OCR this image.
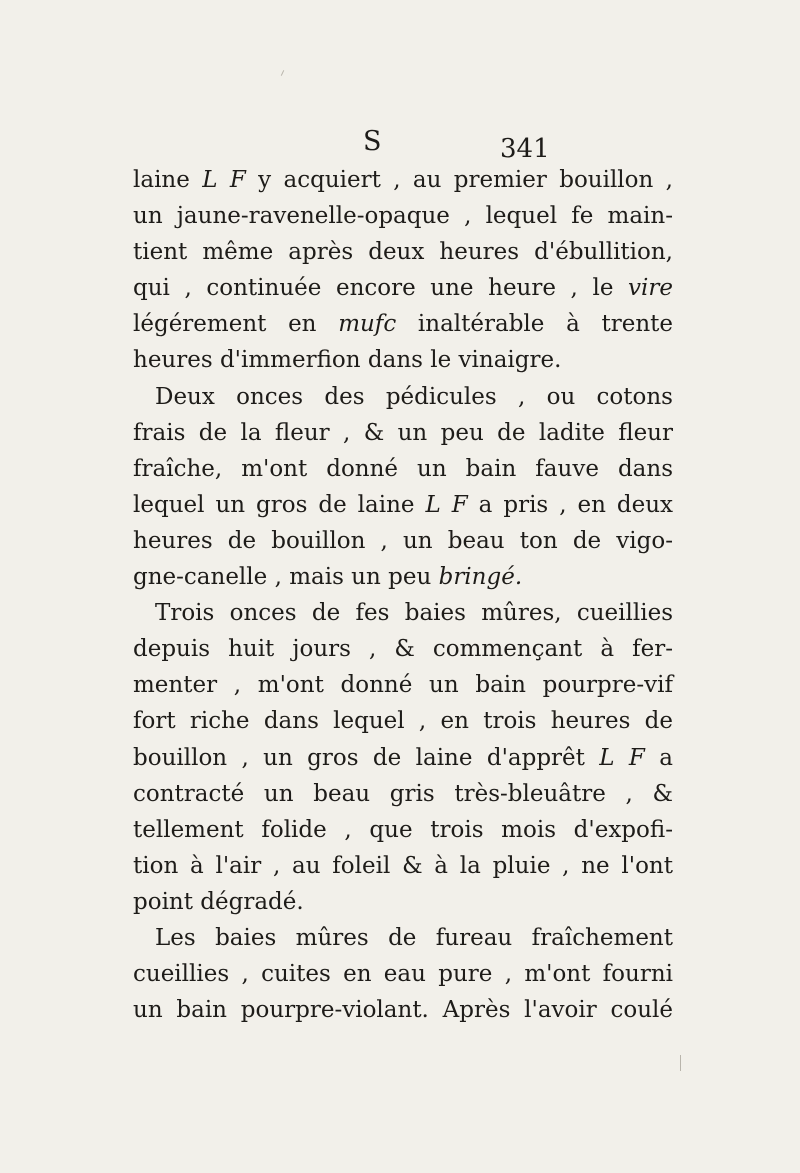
S	341
laine L F y acquiert , au premier bouillon ,
un jaune-ravenelle-opaque , lequel fe main-
tient même après deux heures d'ébullition,
qui , continuée encore une heure , le vire
légérement en mufc inaltérable à trente
heures d'immerfion dans le vinaigre.
Deux onces des pédicules , ou cotons
frais de la fleur , & un peu de ladite fleur
fraîche, m'ont donné un bain fauve dans
lequel un gros de laine L F a pris , en deux
heures de bouillon , un beau ton de vigo-
gne-canelle , mais un peu bringé.
Trois onces de fes baies mûres, cueillies
depuis huit jours , & commençant à fer-
menter , m'ont donné un bain pourpre-vif
fort riche dans lequel , en trois heures de
bouillon , un gros de laine d'apprêt L F a
contracté un beau gris très-bleuâtre , &
tellement folide , que trois mois d'expofi-
tion à l'air , au foleil & à la pluie , ne l'ont
point dégradé.
Les baies mûres de fureau fraîchement
cueillies , cuites en eau pure , m'ont fourni
un bain pourpre-violant. Après l'avoir coulé
